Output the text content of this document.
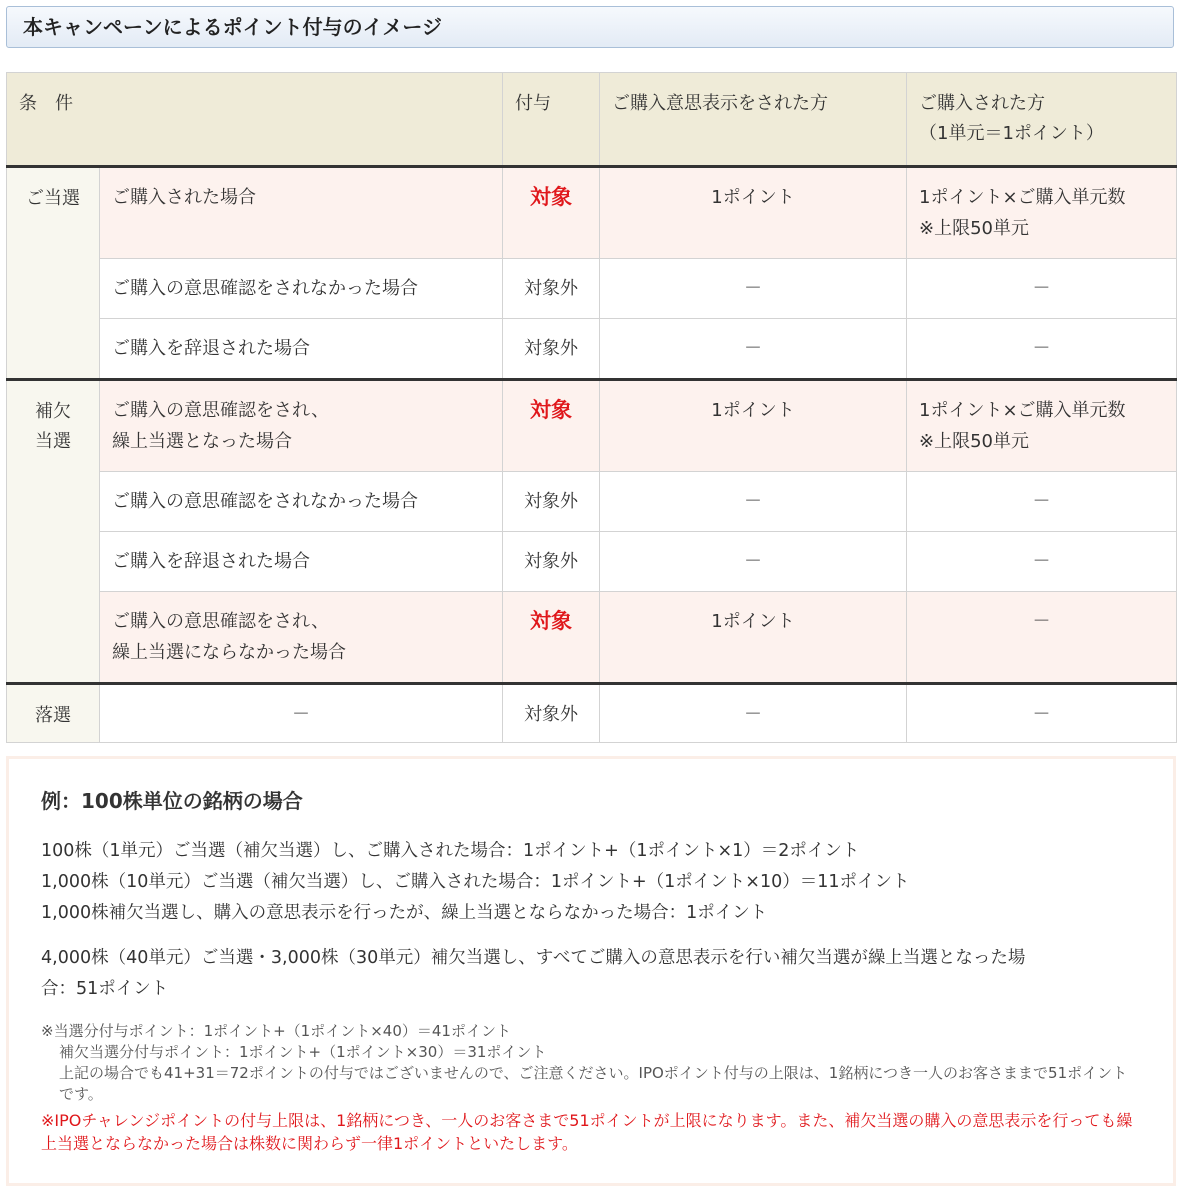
本キャンペーンによるポイント付与のイメージ
条　件		付与	ご購入意思表示をされた方	ご購入された方
（1単元＝1ポイント）
ご当選	ご購入された場合	対象	1ポイント	1ポイント×ご購入単元数
※上限50単元
	ご購入の意思確認をされなかった場合	対象外	－	－
	ご購入を辞退された場合	対象外	－	－
補欠
当選	ご購入の意思確認をされ、
繰上当選となった場合	対象	1ポイント	1ポイント×ご購入単元数
※上限50単元
	ご購入の意思確認をされなかった場合	対象外	－	－
	ご購入を辞退された場合	対象外	－	－
	ご購入の意思確認をされ、
繰上当選にならなかった場合	対象	1ポイント	－
落選	－	対象外	－	－
例：100株単位の銘柄の場合

100株（1単元）ご当選（補欠当選）し、ご購入された場合：1ポイント+（1ポイント×1）＝2ポイント

1,000株（10単元）ご当選（補欠当選）し、ご購入された場合：1ポイント+（1ポイント×10）＝11ポイント

1,000株補欠当選し、購入の意思表示を行ったが、繰上当選とならなかった場合：1ポイント

4,000株（40単元）ご当選・3,000株（30単元）補欠当選し、すべてご購入の意思表示を行い補欠当選が繰上当選となった場
合：51ポイント

※当選分付与ポイント：1ポイント+（1ポイント×40）＝41ポイント
補欠当選分付与ポイント：1ポイント+（1ポイント×30）＝31ポイント
上記の場合でも41+31＝72ポイントの付与ではございませんので、ご注意ください。IPOポイント付与の上限は、1銘柄につき一人のお客さままで51ポイントです。
※IPOチャレンジポイントの付与上限は、1銘柄につき、一人のお客さまで51ポイントが上限になります。また、補欠当選の購入の意思表示を行っても繰上当選とならなかった場合は株数に関わらず一律1ポイントといたします。
